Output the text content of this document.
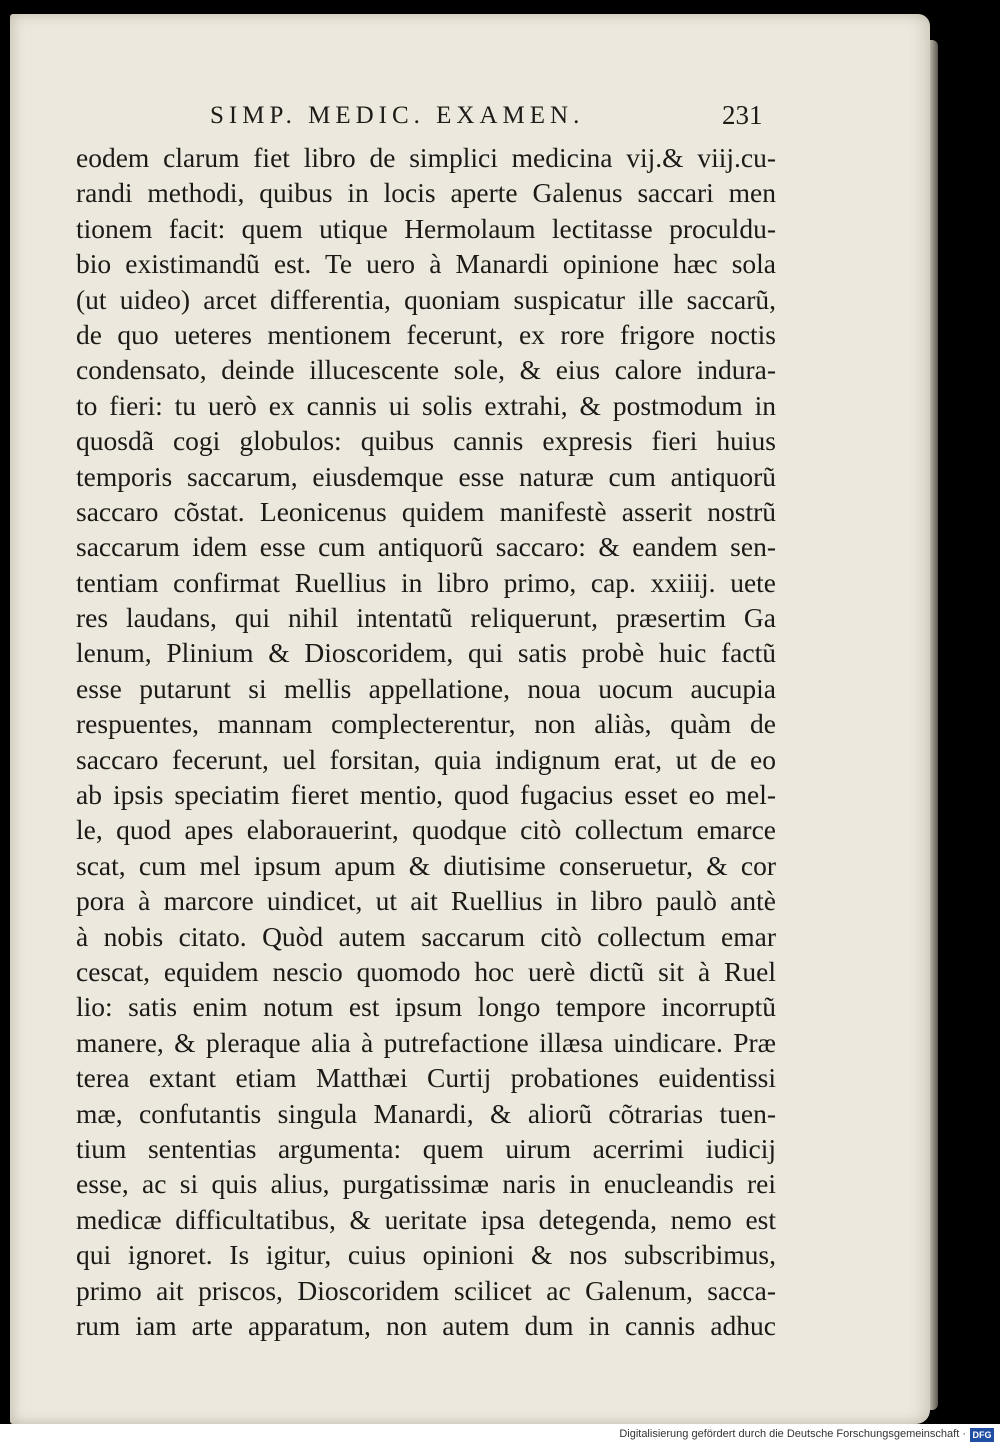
SIMP. MEDIC. EXAMEN.	231
eodem clarum fiet libro de simplici medicina vij.& viij.cu-
randi methodi, quibus in locis aperte Galenus saccari men
tionem facit: quem utique Hermolaum lectitasse proculdu-
bio existimandũ est. Te uero à Manardi opinione hæc sola
(ut uideo) arcet differentia, quoniam suspicatur ille saccarũ,
de quo ueteres mentionem fecerunt, ex rore frigore noctis
condensato, deinde illucescente sole, & eius calore indura-
to fieri: tu uerò ex cannis ui solis extrahi, & postmodum in
quosdã cogi globulos: quibus cannis expresis fieri huius
temporis saccarum, eiusdemque esse naturæ cum antiquorũ
saccaro cõstat. Leonicenus quidem manifestè asserit nostrũ
saccarum idem esse cum antiquorũ saccaro: & eandem sen-
tentiam confirmat Ruellius in libro primo, cap. xxiiij. uete
res laudans, qui nihil intentatũ reliquerunt, præsertim Ga
lenum, Plinium & Dioscoridem, qui satis probè huic factũ
esse putarunt si mellis appellatione, noua uocum aucupia
respuentes, mannam complecterentur, non aliàs, quàm de
saccaro fecerunt, uel forsitan, quia indignum erat, ut de eo
ab ipsis speciatim fieret mentio, quod fugacius esset eo mel-
le, quod apes elaborauerint, quodque citò collectum emarce
scat, cum mel ipsum apum & diutisime conseruetur, & cor
pora à marcore uindicet, ut ait Ruellius in libro paulò antè
à nobis citato. Quòd autem saccarum citò collectum emar
cescat, equidem nescio quomodo hoc uerè dictũ sit à Ruel
lio: satis enim notum est ipsum longo tempore incorruptũ
manere, & pleraque alia à putrefactione illæsa uindicare. Præ
terea extant etiam Matthæi Curtij probationes euidentissi
mæ, confutantis singula Manardi, & aliorũ cõtrarias tuen-
tium sententias argumenta: quem uirum acerrimi iudicij
esse, ac si quis alius, purgatissimæ naris in enucleandis rei
medicæ difficultatibus, & ueritate ipsa detegenda, nemo est
qui ignoret. Is igitur, cuius opinioni & nos subscribimus,
primo ait priscos, Dioscoridem scilicet ac Galenum, sacca-
rum iam arte apparatum, non autem dum in cannis adhuc
Digitalisierung gefördert durch die Deutsche Forschungsgemeinschaft · DFG
